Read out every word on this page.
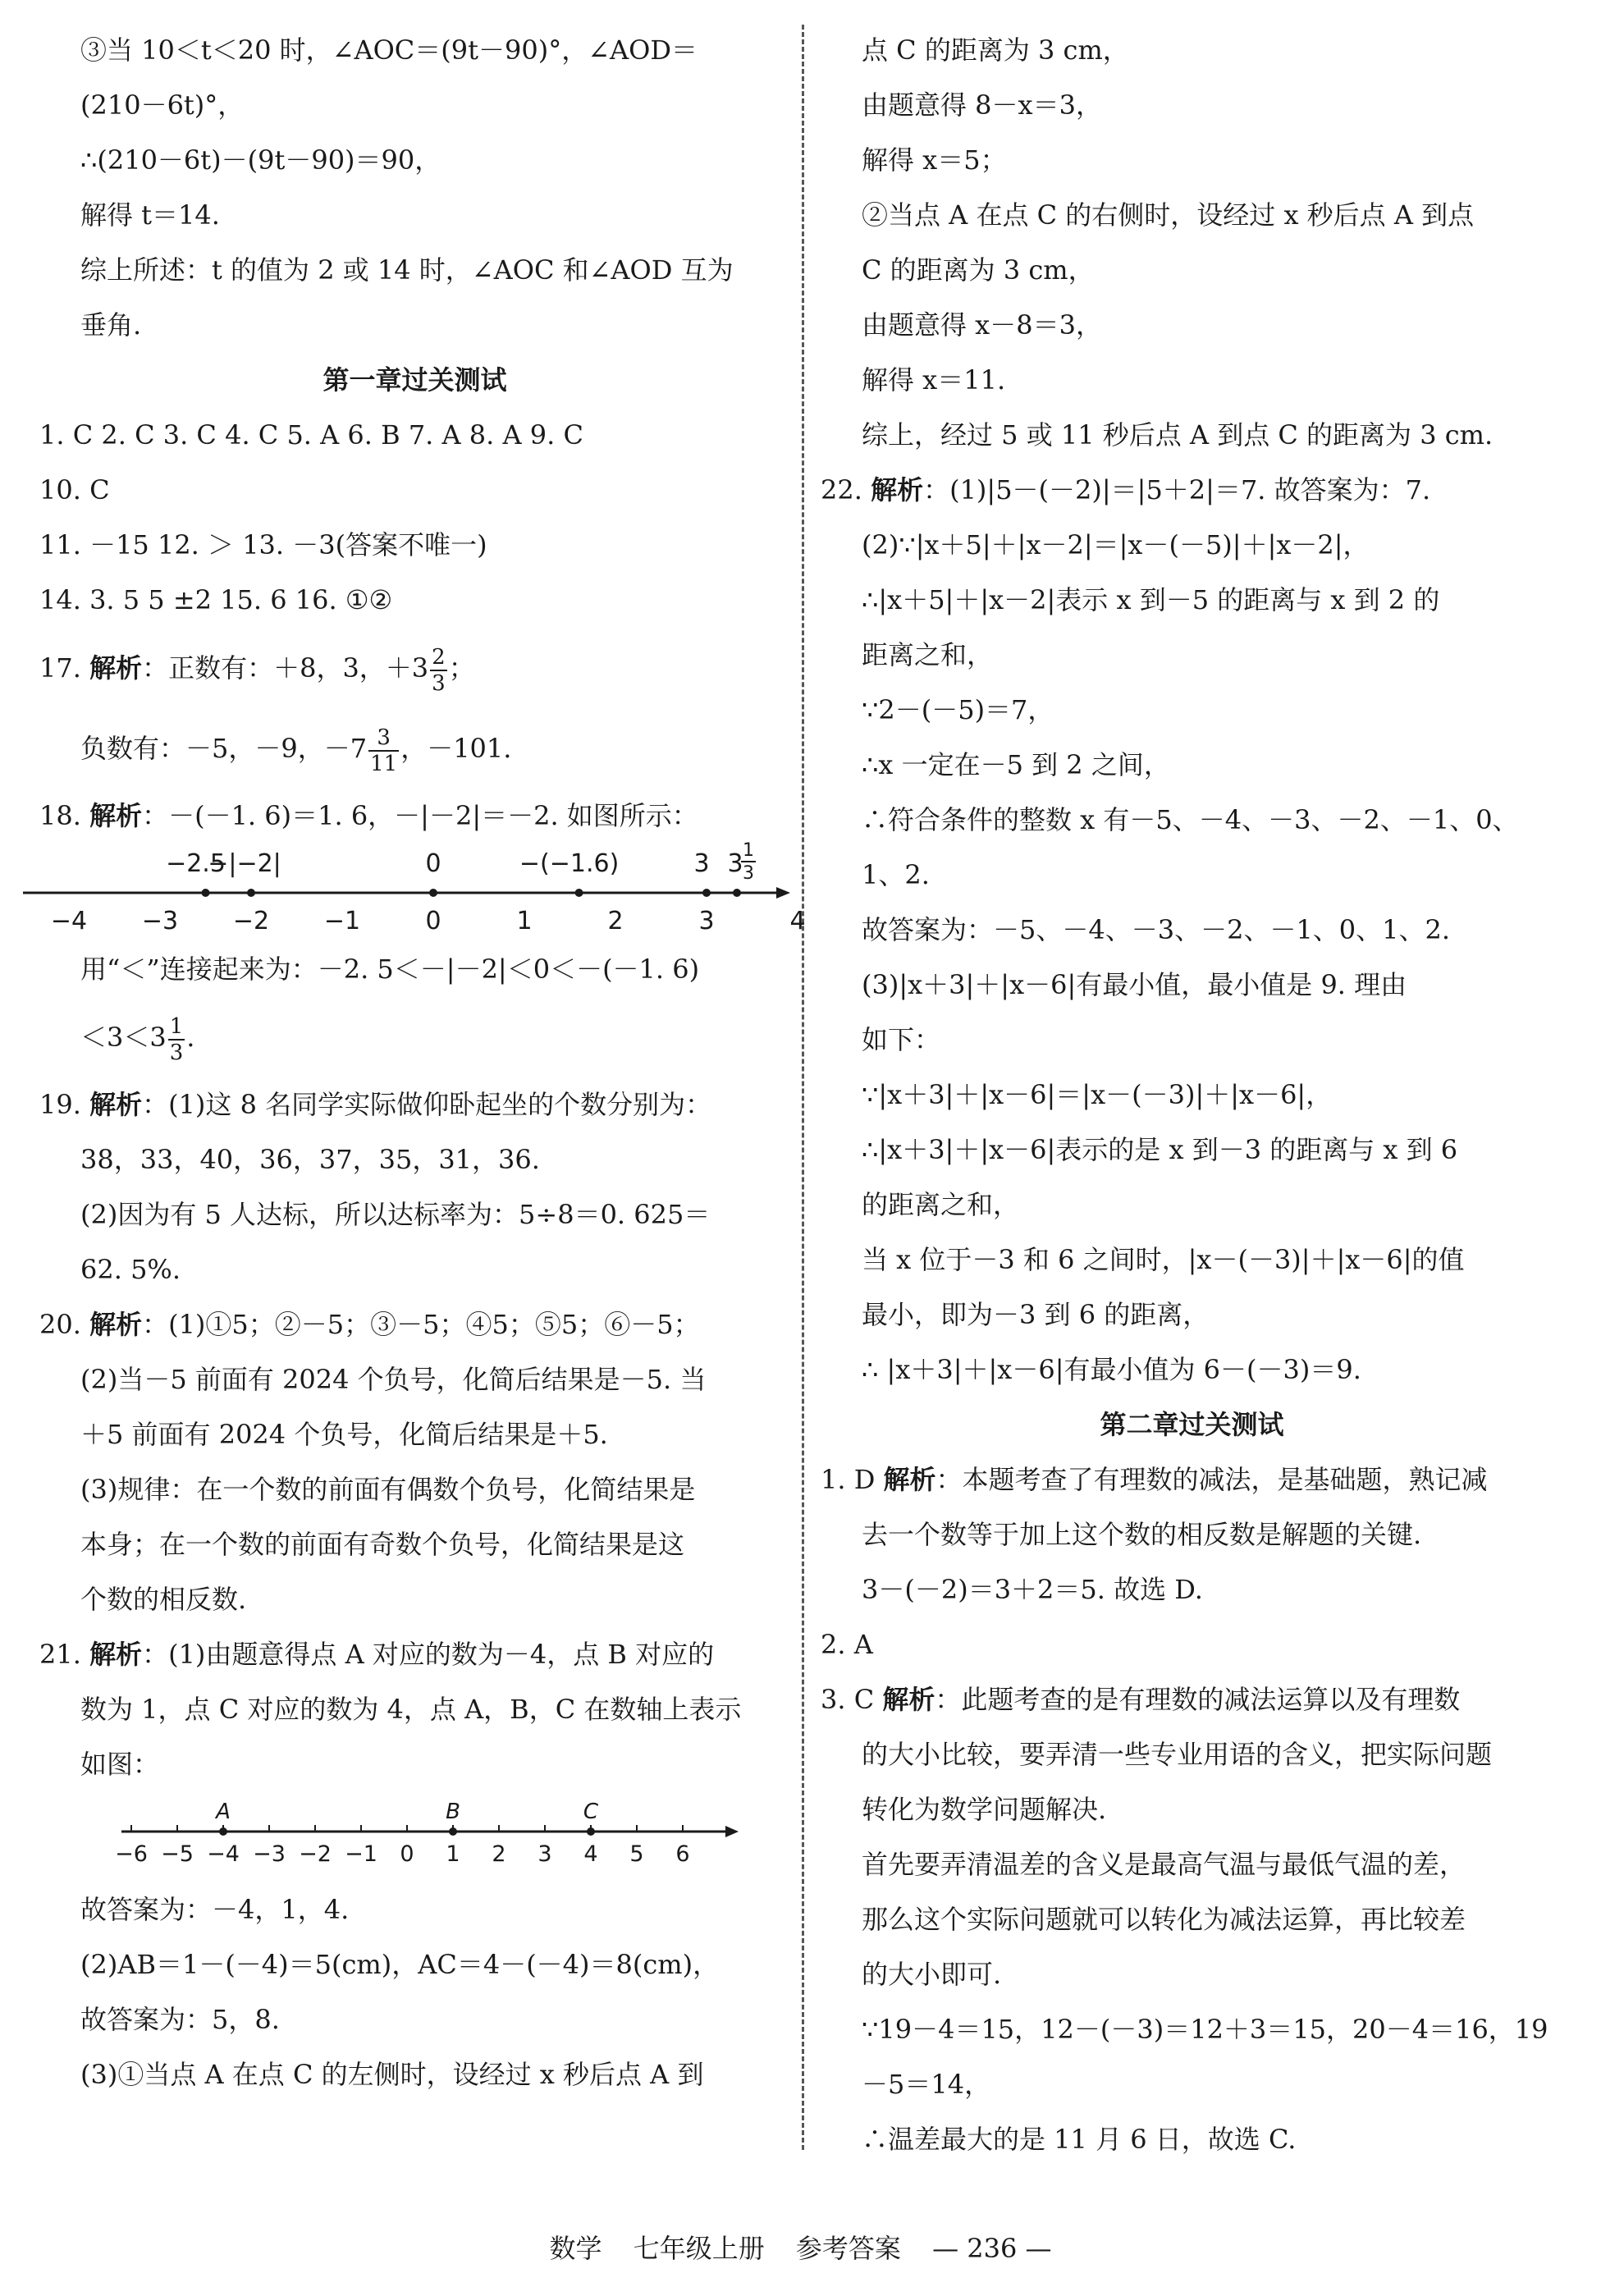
③当 10＜t＜20 时，∠AOC＝(9t－90)°，∠AOD＝
(210－6t)°，
∴(210－6t)－(9t－90)＝90，
解得 t＝14.
综上所述：t 的值为 2 或 14 时，∠AOC 和∠AOD 互为
垂角.
第一章过关测试
1. C 2. C 3. C 4. C 5. A 6. B 7. A 8. A 9. C
10. C
11. －15 12. ＞ 13. －3(答案不唯一)
14. 3. 5 5 ±2 15. 6 16. ①②
17. 解析：正数有：＋8，3，$+3 \frac{2}{3}$ ；
负数有：－5，－9，$-7 \frac{3}{11}$ ，－101.
18. 解析：－(－1. 6)＝1. 6，－|－2|＝－2. 如图所示：
−4 −3 −2 −1	0	1	2	3	4
−2.5
−|−2|	0	−(−1.6)	3 3 1
3
用“＜”连接起来为：－2. 5＜－|－2|＜0＜－(－1. 6)
$<3<3 \frac{1}{3}$ .
19. 解析：(1)这 8 名同学实际做仰卧起坐的个数分别为：
38，33，40，36，37，35，31，36.
(2)因为有 5 人达标，所以达标率为：5÷8＝0. 625＝
62. 5%.
20. 解析：(1)①5；②－5；③－5；④5；⑤5；⑥－5；
(2)当－5 前面有 2024 个负号，化简后结果是－5. 当
＋5 前面有 2024 个负号，化简后结果是＋5.
(3)规律：在一个数的前面有偶数个负号，化简结果是
本身；在一个数的前面有奇数个负号，化简结果是这
个数的相反数.
21. 解析：(1)由题意得点 A 对应的数为－4，点 B 对应的
数为 1，点 C 对应的数为 4，点 A，B，C 在数轴上表示
如图：
−6 −5 −4 −3 −2 −1 0 1 2 3 4 5 6
A	B	C
故答案为：－4，1，4.
(2)AB＝1－(－4)＝5(cm)，AC＝4－(－4)＝8(cm)，
故答案为：5，8.
(3)①当点 A 在点 C 的左侧时，设经过 x 秒后点 A 到
点 C 的距离为 3 cm，
由题意得 8－x＝3，
解得 x＝5；
②当点 A 在点 C 的右侧时，设经过 x 秒后点 A 到点
C 的距离为 3 cm，
由题意得 x－8＝3，
解得 x＝11.
综上，经过 5 或 11 秒后点 A 到点 C 的距离为 3 cm.
22. 解析：(1)|5－(－2)|＝|5＋2|＝7. 故答案为：7.
(2)∵|x＋5|＋|x－2|＝|x－(－5)|＋|x－2|，
∴|x＋5|＋|x－2|表示 x 到－5 的距离与 x 到 2 的
距离之和，
∵2－(－5)＝7，
∴x 一定在－5 到 2 之间，
∴符合条件的整数 x 有－5、－4、－3、－2、－1、0、
1、2.
故答案为：－5、－4、－3、－2、－1、0、1、2.
(3)|x＋3|＋|x－6|有最小值，最小值是 9. 理由
如下：
∵|x＋3|＋|x－6|＝|x－(－3)|＋|x－6|，
∴|x＋3|＋|x－6|表示的是 x 到－3 的距离与 x 到 6
的距离之和，
当 x 位于－3 和 6 之间时，|x－(－3)|＋|x－6|的值
最小，即为－3 到 6 的距离，
∴ |x＋3|＋|x－6|有最小值为 6－(－3)＝9.
第二章过关测试
1. D 解析：本题考查了有理数的减法，是基础题，熟记减
去一个数等于加上这个数的相反数是解题的关键.
3－(－2)＝3＋2＝5. 故选 D.
2. A
3. C 解析：此题考查的是有理数的减法运算以及有理数
的大小比较，要弄清一些专业用语的含义，把实际问题
转化为数学问题解决.
首先要弄清温差的含义是最高气温与最低气温的差，
那么这个实际问题就可以转化为减法运算，再比较差
的大小即可.
∵19－4＝15，12－(－3)＝12＋3＝15，20－4＝16，19
－5＝14，
∴温差最大的是 11 月 6 日，故选 C.
数学 七年级上册 参考答案 — 236 —
